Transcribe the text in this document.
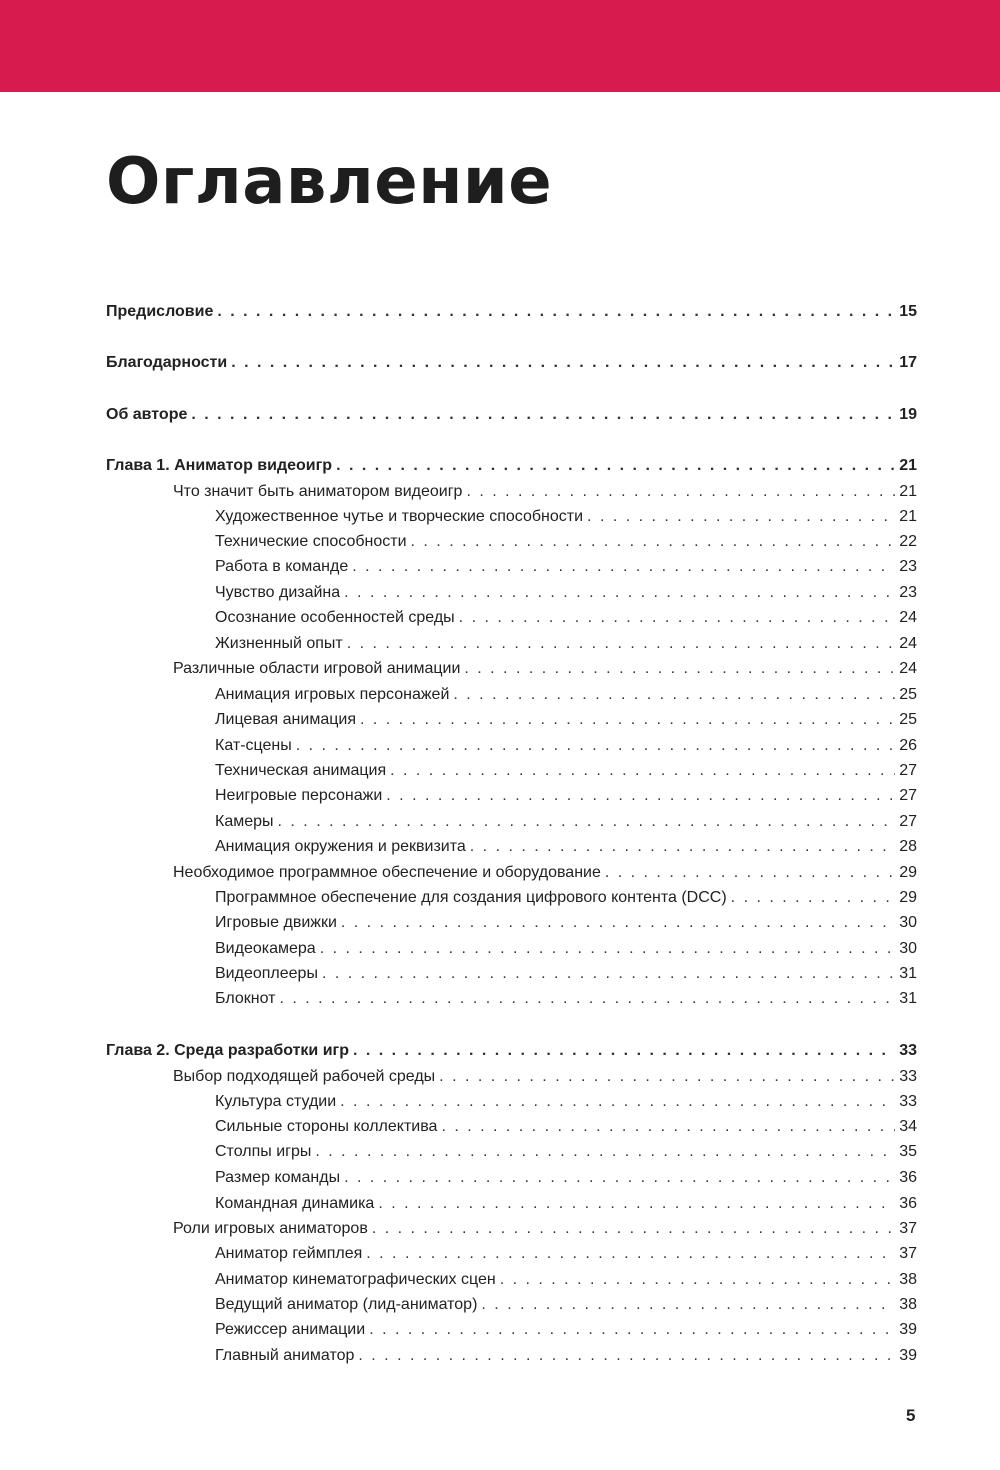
Оглавление
Предисловие . . .	15
Благодарности . . .	17
Об авторе . . .	19
Глава 1. Аниматор видеоигр . . .	21
Что значит быть аниматором видеоигр . . .	21
Художественное чутье и творческие способности . . .	21
Технические способности . . .	22
Работа в команде . . .	23
Чувство дизайна . . .	23
Осознание особенностей среды . . .	24
Жизненный опыт . . .	24
Различные области игровой анимации . . .	24
Анимация игровых персонажей . . .	25
Лицевая анимация . . .	25
Кат-сцены . . .	26
Техническая анимация . . .	27
Неигровые персонажи . . .	27
Камеры . . .	27
Анимация окружения и реквизита . . .	28
Необходимое программное обеспечение и оборудование . . .	29
Программное обеспечение для создания цифрового контента (DCC) . . .	29
Игровые движки . . .	30
Видеокамера . . .	30
Видеоплееры . . .	31
Блокнот . . .	31
Глава 2. Среда разработки игр . . .	33
Выбор подходящей рабочей среды . . .	33
Культура студии . . .	33
Сильные стороны коллектива . . .	34
Столпы игры . . .	35
Размер команды . . .	36
Командная динамика . . .	36
Роли игровых аниматоров . . .	37
Аниматор геймплея . . .	37
Аниматор кинематографических сцен . . .	38
Ведущий аниматор (лид-аниматор) . . .	38
Режиссер анимации . . .	39
Главный аниматор . . .	39
5
